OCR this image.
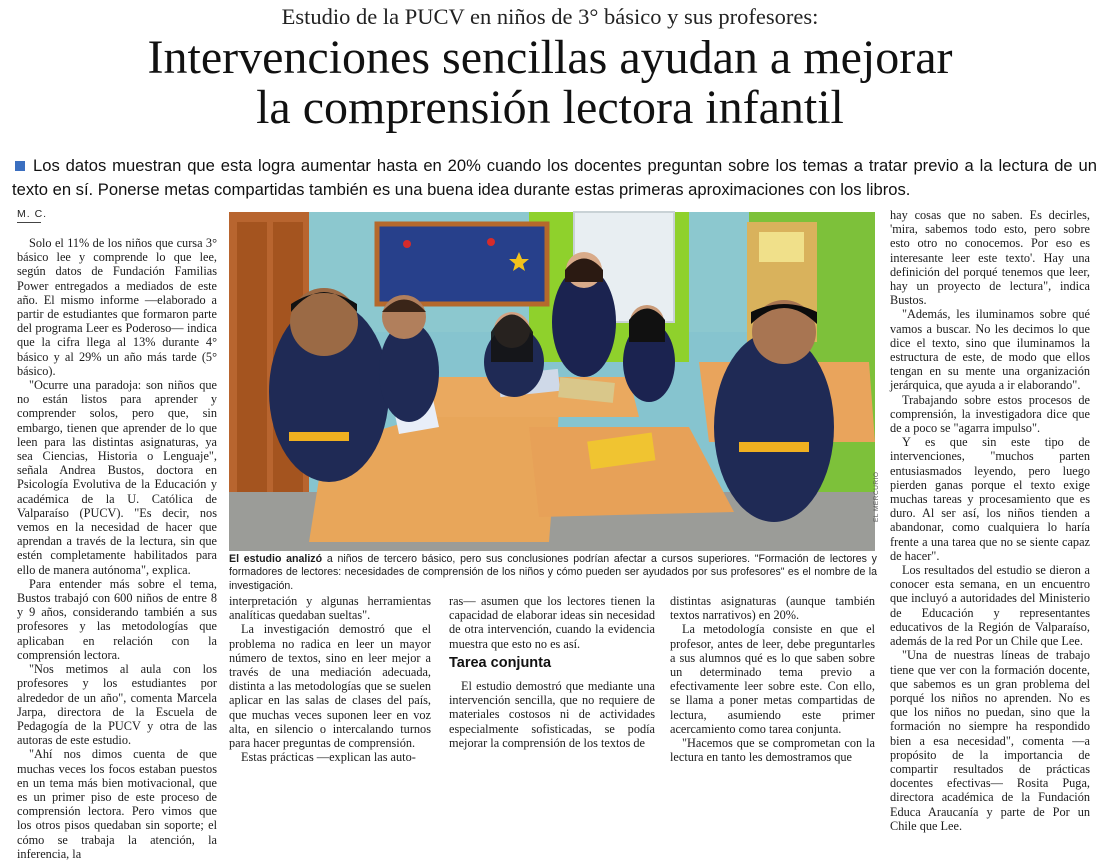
Estudio de la PUCV en niños de 3° básico y sus profesores:
Intervenciones sencillas ayudan a mejorar
la comprensión lectora infantil
Los datos muestran que esta logra aumentar hasta en 20% cuando los docentes preguntan sobre los temas a tratar previo a la lectura de un texto en sí. Ponerse metas compartidas también es una buena idea durante estas primeras aproximaciones con los libros.
M. C.

Solo el 11% de los niños que cursa 3° básico lee y comprende lo que lee, según datos de Fundación Familias Power entregados a mediados de este año. El mismo informe —elaborado a partir de estudiantes que formaron parte del programa Leer es Poderoso— indica que la cifra llega al 13% durante 4° básico y al 29% un año más tarde (5° básico).

"Ocurre una paradoja: son niños que no están listos para aprender y comprender solos, pero que, sin embargo, tienen que aprender de lo que leen para las distintas asignaturas, ya sea Ciencias, Historia o Lenguaje", señala Andrea Bustos, doctora en Psicología Evolutiva de la Educación y académica de la U. Católica de Valparaíso (PUCV). "Es decir, nos vemos en la necesidad de hacer que aprendan a través de la lectura, sin que estén completamente habilitados para ello de manera autónoma", explica.

Para entender más sobre el tema, Bustos trabajó con 600 niños de entre 8 y 9 años, considerando también a sus profesores y las metodologías que aplicaban en relación con la comprensión lectora.

"Nos metimos al aula con los profesores y los estudiantes por alrededor de un año", comenta Marcela Jarpa, directora de la Escuela de Pedagogía de la PUCV y otra de las autoras de este estudio.

"Ahí nos dimos cuenta de que muchas veces los focos estaban puestos en un tema más bien motivacional, que es un primer piso de este proceso de comprensión lectora. Pero vimos que los otros pisos quedaban sin soporte; el cómo se trabaja la atención, la inferencia, la

EL MERCURIO
El estudio analizó a niños de tercero básico, pero sus conclusiones podrían afectar a cursos superiores. "Formación de lectores y formadores de lectores: necesidades de comprensión de los niños y cómo pueden ser ayudados por sus profesores" es el nombre de la investigación.

interpretación y algunas herramientas analíticas quedaban sueltas".

La investigación demostró que el problema no radica en leer un mayor número de textos, sino en leer mejor a través de una mediación adecuada, distinta a las metodologías que se suelen aplicar en las salas de clases del país, que muchas veces suponen leer en voz alta, en silencio o intercalando turnos para hacer preguntas de comprensión.

Estas prácticas —explican las auto-

ras— asumen que los lectores tienen la capacidad de elaborar ideas sin necesidad de otra intervención, cuando la evidencia muestra que esto no es así.

Tarea conjunta

El estudio demostró que mediante una intervención sencilla, que no requiere de materiales costosos ni de actividades especialmente sofisticadas, se podía mejorar la comprensión de los textos de

distintas asignaturas (aunque también textos narrativos) en 20%.

La metodología consiste en que el profesor, antes de leer, debe preguntarles a sus alumnos qué es lo que saben sobre un determinado tema previo a efectivamente leer sobre este. Con ello, se llama a poner metas compartidas de lectura, asumiendo este primer acercamiento como tarea conjunta.

"Hacemos que se comprometan con la lectura en tanto les demostramos que

hay cosas que no saben. Es decirles, 'mira, sabemos todo esto, pero sobre esto otro no conocemos. Por eso es interesante leer este texto'. Hay una definición del porqué tenemos que leer, hay un proyecto de lectura", indica Bustos.

"Además, les iluminamos sobre qué vamos a buscar. No les decimos lo que dice el texto, sino que iluminamos la estructura de este, de modo que ellos tengan en su mente una organización jerárquica, que ayuda a ir elaborando".

Trabajando sobre estos procesos de comprensión, la investigadora dice que de a poco se "agarra impulso".

Y es que sin este tipo de intervenciones, "muchos parten entusiasmados leyendo, pero luego pierden ganas porque el texto exige muchas tareas y procesamiento que es duro. Al ser así, los niños tienden a abandonar, como cualquiera lo haría frente a una tarea que no se siente capaz de hacer".

Los resultados del estudio se dieron a conocer esta semana, en un encuentro que incluyó a autoridades del Ministerio de Educación y representantes educativos de la Región de Valparaíso, además de la red Por un Chile que Lee.

"Una de nuestras líneas de trabajo tiene que ver con la formación docente, que sabemos es un gran problema del porqué los niños no aprenden. No es que los niños no puedan, sino que la formación no siempre ha respondido bien a esa necesidad", comenta —a propósito de la importancia de compartir resultados de prácticas docentes efectivas— Rosita Puga, directora académica de la Fundación Educa Araucanía y parte de Por un Chile que Lee.
